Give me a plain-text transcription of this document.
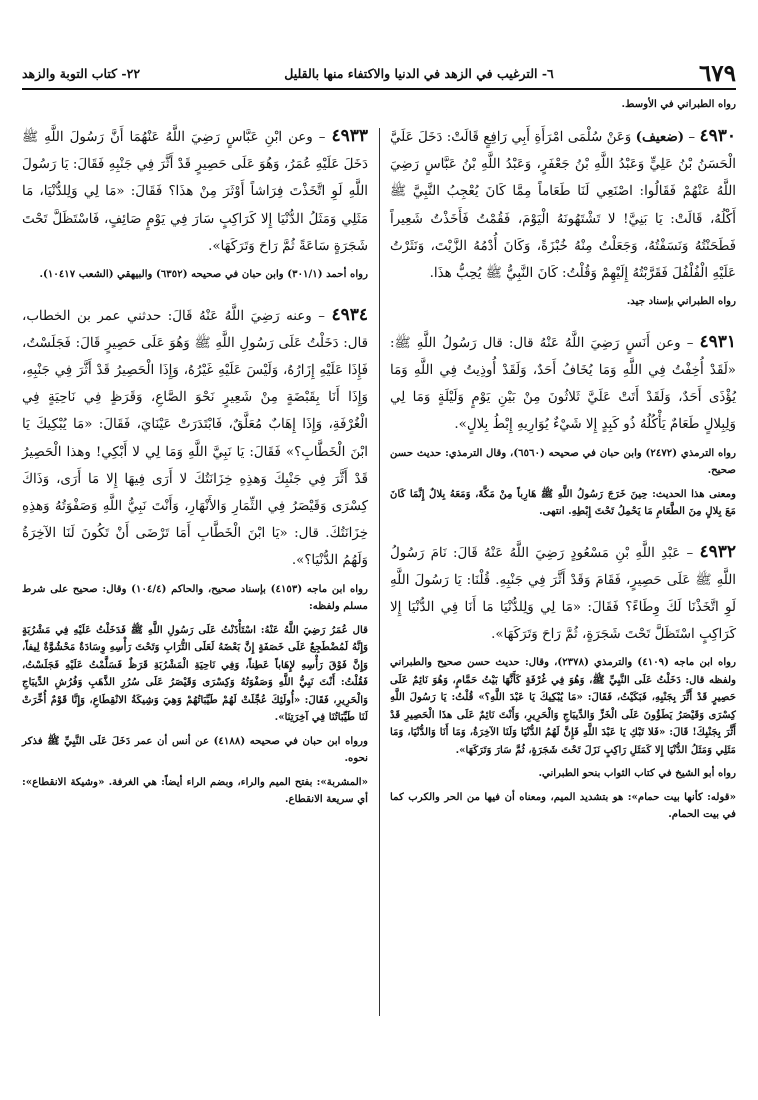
٦٧٩
٦- الترغيب في الزهد في الدنيا والاكتفاء منها بالقليل
٢٢- كتاب التوبة والزهد

رواه الطبراني في الأوسط.

٤٩٣٠ – (ضعيف) وَعَنْ سُلْمَى امْرَأَةِ أَبِي رَافِعٍ قَالَتْ: دَخَلَ عَلَيَّ الْحَسَنُ بْنُ عَلِيٍّ وَعَبْدُ اللَّهِ بْنُ جَعْفَرٍ، وَعَبْدُ اللَّهِ بْنُ عَبَّاسٍ رَضِيَ اللَّهُ عَنْهُمْ فَقَالُوا: اصْنَعِي لَنَا طَعَاماً مِمَّا كَانَ يُعْجِبُ النَّبِيَّ ﷺ أَكْلُهُ، قَالَتْ: يَا بَنِيَّ! لا تَشْتَهُونَهُ الْيَوْمَ، فَقُمْتُ فَأَخَذْتُ شَعِيراً فَطَحَنْتُهُ وَنَسَفْتُهُ، وَجَعَلْتُ مِنْهُ خُبْزَةً، وَكَانَ أُدْمُهُ الزَّيْتَ، وَنَثَرْتُ عَلَيْهِ الْفُلْفُلَ فَقَرَّبْتُهُ إِلَيْهِمْ وَقُلْتُ: كَانَ النَّبِيُّ ﷺ يُحِبُّ هذَا.

رواه الطبراني بإسناد جيد.

٤٩٣١ – وعن أَنَسٍ رَضِيَ اللَّهُ عَنْهُ قال: قال رَسُولُ اللَّهِ ﷺ: «لَقَدْ أُخِفْتُ فِي اللَّهِ وَمَا يُخَافُ أَحَدٌ، وَلَقَدْ أُوذِيتُ فِي اللَّهِ وَمَا يُؤْذَى أَحَدٌ، وَلَقَدْ أَتَتْ عَلَيَّ ثَلاثُونَ مِنْ بَيْنِ يَوْمٍ وَلَيْلَةٍ وَمَا لِي وَلِبِلالٍ طَعَامٌ يَأْكُلُهُ ذُو كَبِدٍ إِلا شَيْءٌ يُوَارِيهِ إِبْطُ بِلالٍ».

رواه الترمذي (٢٤٧٢) وابن حبان في صحيحه (٦٥٦٠)، وقال الترمذي: حديث حسن صحيح.

ومعنى هذا الحديث: حِينَ خَرَجَ رَسُولُ اللَّهِ ﷺ هَارِباً مِنْ مَكَّةَ، وَمَعَهُ بِلالٌ إِنَّمَا كَانَ مَعَ بِلالٍ مِنَ الطَّعَامِ مَا يَحْمِلُ تَحْتَ إِبْطِهِ. انتهى.

٤٩٣٢ – عَبْدِ اللَّهِ بْنِ مَسْعُودٍ رَضِيَ اللَّهُ عَنْهُ قَالَ: نَامَ رَسُولُ اللَّهِ ﷺ عَلَى حَصِيرٍ، فَقَامَ وَقَدْ أَثَّرَ فِي جَنْبِهِ. قُلْنَا: يَا رَسُولَ اللَّهِ لَوِ اتَّخَذْنَا لَكَ وِطَاءً؟ فَقَالَ: «مَا لِي وَلِلدُّنْيَا مَا أَنَا فِي الدُّنْيَا إِلا كَرَاكِبٍ اسْتَظَلَّ تَحْتَ شَجَرَةٍ، ثُمَّ رَاحَ وَتَرَكَهَا».

رواه ابن ماجه (٤١٠٩) والترمذي (٢٣٧٨)، وقال: حديث حسن صحيح والطبراني ولفظه قال: دَخَلْتُ عَلَى النَّبِيِّ ﷺ، وَهُوَ فِي غُرْفَةٍ كَأَنَّهَا بَيْتُ حَمَّامٍ، وَهُوَ نَائِمٌ عَلَى حَصِيرٍ قَدْ أَثَّرَ بِجَنْبِهِ، فَبَكَيْتُ، فَقَالَ: «مَا يُبْكِيكَ يَا عَبْدَ اللَّهِ؟» قُلْتُ: يَا رَسُولَ اللَّهِ كِسْرَى وَقَيْصَرُ يَطَؤُونَ عَلَى الْخَزِّ وَالدِّيبَاجِ وَالْحَرِيرِ، وَأَنْتَ نَائِمٌ عَلَى هذَا الْحَصِيرِ قَدْ أَثَّرَ بِجَنْبِكَ! قَالَ: «فَلا تَبْكِ يَا عَبْدَ اللَّهِ فَإِنَّ لَهُمُ الدُّنْيَا وَلَنَا الآخِرَةُ، وَمَا أَنَا وَالدُّنْيَا، وَمَا مَثَلِي وَمَثَلُ الدُّنْيَا إِلا كَمَثَلِ رَاكِبٍ نَزَلَ تَحْتَ شَجَرَةٍ، ثُمَّ سَارَ وَتَرَكَهَا».

رواه أبو الشيخ في كتاب الثواب بنحو الطبراني.

«قوله: كأنها بيت حمام»: هو بتشديد الميم، ومعناه أن فيها من الحر والكرب كما في بيت الحمام.

٤٩٣٣ – وعن ابْنِ عَبَّاسٍ رَضِيَ اللَّهُ عَنْهُمَا أَنَّ رَسُولَ اللَّهِ ﷺ دَخَلَ عَلَيْهِ عُمَرُ، وَهُوَ عَلَى حَصِيرٍ قَدْ أَثَّرَ فِي جَنْبِهِ فَقَالَ: يَا رَسُولَ اللَّهِ لَوِ اتَّخَذْتَ فِرَاشاً أَوْثَرَ مِنْ هذَا؟ فَقَالَ: «مَا لِي وَلِلدُّنْيَا، مَا مَثَلِي وَمَثَلُ الدُّنْيَا إِلا كَرَاكِبٍ سَارَ فِي يَوْمٍ صَائِفٍ، فَاسْتَظَلَّ تَحْتَ شَجَرَةٍ سَاعَةً ثُمَّ رَاحَ وَتَرَكَهَا».

رواه أحمد (٣٠١/١) وابن حبان في صحيحه (٦٣٥٢) والبيهقي (الشعب ١٠٤١٧).

٤٩٣٤ – وعنه رَضِيَ اللَّهُ عَنْهُ قَالَ: حدثني عمر بن الخطاب، قال: دَخَلْتُ عَلَى رَسُولِ اللَّهِ ﷺ وَهُوَ عَلَى حَصِيرٍ قَالَ: فَجَلَسْتُ، فَإِذَا عَلَيْهِ إِزَارُهُ، وَلَيْسَ عَلَيْهِ غَيْرُهُ، وَإِذَا الْحَصِيرُ قَدْ أَثَّرَ فِي جَنْبِهِ، وَإِذَا أَنَا بِقَبْضَةٍ مِنْ شَعِيرٍ نَحْوَ الصَّاعِ، وَقَرَظٍ فِي نَاحِيَةٍ فِي الْغُرْفَةِ، وَإِذَا إِهَابٌ مُعَلَّقٌ، فَابْتَدَرَتْ عَيْنَايَ، فَقَالَ: «مَا يُبْكِيكَ يَا ابْنَ الْخَطَّابِ؟» فَقَالَ: يَا نَبِيَّ اللَّهِ وَمَا لِي لا أَبْكِي! وهذا الْحَصِيرُ قَدْ أَثَّرَ فِي جَنْبِكَ وَهذِهِ خِزَانَتُكَ لا أَرَى فِيهَا إِلا مَا أَرَى، وَذَاكَ كِسْرَى وَقَيْصَرُ فِي الثِّمَارِ وَالأَنْهَارِ، وَأَنْتَ نَبِيُّ اللَّهِ وَصَفْوَتُهُ وَهذِهِ خِزَانَتُكَ. قال: «يَا ابْنَ الْخَطَّابِ أَمَا تَرْضَى أَنْ تَكُونَ لَنَا الآخِرَةُ وَلَهُمُ الدُّنْيَا؟».

رواه ابن ماجه (٤١٥٣) بإسناد صحيح، والحاكم (١٠٤/٤) وقال: صحيح على شرط مسلم ولفظه:

قال عُمَرُ رَضِيَ اللَّهُ عَنْهُ: اسْتَأْذَنْتُ عَلَى رَسُولِ اللَّهِ ﷺ فَدَخَلْتُ عَلَيْهِ فِي مَشْرُبَةٍ وَإِنَّهُ لَمُضْطَجِعٌ عَلَى خَصَفَةٍ إِنَّ بَعْضَهُ لَعَلَى التُّرَابِ وَتَحْتَ رَأْسِهِ وِسَادَةٌ مَحْشُوَّةٌ لِيفاً، وَإِنَّ فَوْقَ رَأْسِهِ لإِهَاباً عَطِناً، وَفِي نَاحِيَةِ الْمَشْرُبَةِ قَرَظٌ فَسَلَّمْتُ عَلَيْهِ فَجَلَسْتُ، فَقُلْتُ: أَنْتَ نَبِيُّ اللَّهِ وَصَفْوَتُهُ وَكِسْرَى وَقَيْصَرُ عَلَى سُرُرِ الذَّهَبِ وَفُرُشِ الدِّيبَاجِ وَالْحَرِيرِ، فَقَالَ: «أُولَئِكَ عُجِّلَتْ لَهُمْ طَيِّبَاتُهُمْ وَهِيَ وَشِيكَةُ الانْقِطَاعِ، وَإِنَّا قَوْمٌ أُخِّرَتْ لَنَا طَيِّبَاتُنَا فِي آخِرَتِنَا».

ورواه ابن حبان في صحيحه (٤١٨٨) عن أنس أن عمر دَخَلَ عَلَى النَّبِيِّ ﷺ فذكر نحوه.

«المشربة»: بفتح الميم والراء، وبضم الراء أيضاً: هي الغرفة. «وشيكة الانقطاع»: أي سريعة الانقطاع.
